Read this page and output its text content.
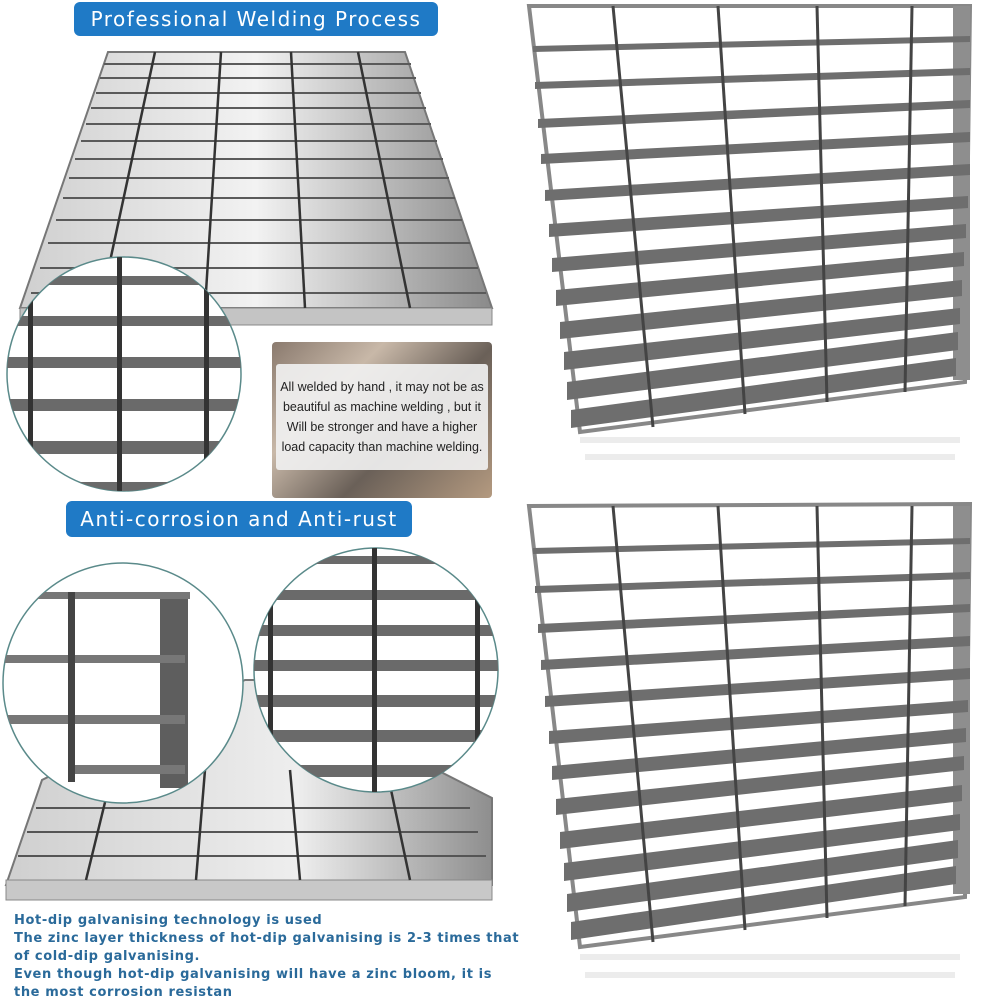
Professional Welding Process
All welded by hand , it may not be as beautiful as machine welding , but it Will be stronger and have a higher load capacity than machine welding.
Anti-corrosion and Anti-rust
Hot-dip galvanising technology is used
The zinc layer thickness of hot-dip galvanising is 2-3 times that
of cold-dip galvanising.
Even though hot-dip galvanising will have a zinc bloom, it is
the most corrosion resistan
